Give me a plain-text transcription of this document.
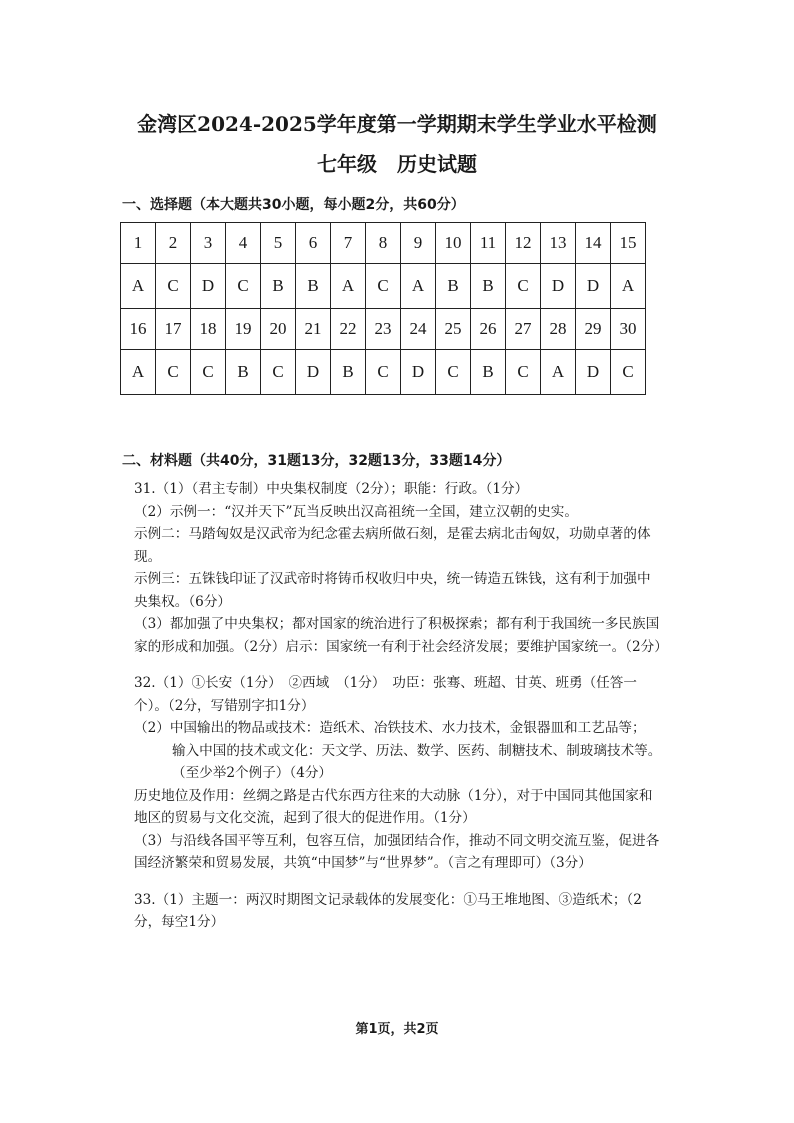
金湾区2024-2025学年度第一学期期末学生学业水平检测
七年级　历史试题
一、选择题（本大题共30小题，每小题2分，共60分）
1	2	3	4	5	6	7	8	9	10	11	12	13	14	15
A	C	D	C	B	B	A	C	A	B	B	C	D	D	A
16	17	18	19	20	21	22	23	24	25	26	27	28	29	30
A	C	C	B	C	D	B	C	D	C	B	C	A	D	C
二、材料题（共40分，31题13分，32题13分，33题14分）

31.（1）（君主专制）中央集权制度（2分）；职能：行政。（1分）

（2）示例一：“汉并天下”瓦当反映出汉高祖统一全国，建立汉朝的史实。

示例二：马踏匈奴是汉武帝为纪念霍去病所做石刻，是霍去病北击匈奴，功勋卓著的体现。

示例三：五铢钱印证了汉武帝时将铸币权收归中央，统一铸造五铢钱，这有利于加强中央集权。（6分）

（3）都加强了中央集权；都对国家的统治进行了积极探索；都有利于我国统一多民族国家的形成和加强。（2分）启示：国家统一有利于社会经济发展；要维护国家统一。（2分）

32.（1）①长安（1分）　②西域　（1分）　功臣：张骞、班超、甘英、班勇（任答一个）。（2分，写错别字扣1分）

（2）中国输出的物品或技术：造纸术、冶铁技术、水力技术，金银器皿和工艺品等；

输入中国的技术或文化：天文学、历法、数学、医药、制糖技术、制玻璃技术等。

（至少举2个例子）（4分）

历史地位及作用：丝绸之路是古代东西方往来的大动脉（1分），对于中国同其他国家和地区的贸易与文化交流，起到了很大的促进作用。（1分）

（3）与沿线各国平等互利，包容互信，加强团结合作，推动不同文明交流互鉴，促进各国经济繁荣和贸易发展，共筑“中国梦”与“世界梦”。（言之有理即可）（3分）

33.（1）主题一：两汉时期图文记录载体的发展变化：①马王堆地图、③造纸术；（2分，每空1分）

第1页，共2页
